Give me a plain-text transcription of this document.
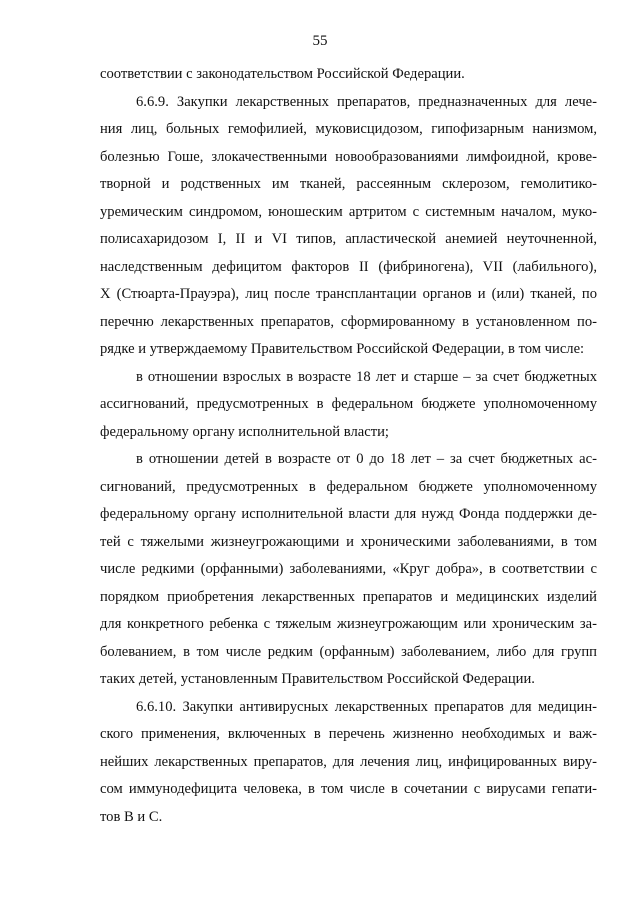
55
соответствии с законодательством Российской Федерации.
6.6.9. Закупки лекарственных препаратов, предназначенных для лече-
ния лиц, больных гемофилией, муковисцидозом, гипофизарным нанизмом,
болезнью Гоше, злокачественными новообразованиями лимфоидной, крове-
творной и родственных им тканей, рассеянным склерозом, гемолитико-
уремическим синдромом, юношеским артритом с системным началом, муко-
полисахаридозом I, II и VI типов, апластической анемией неуточненной,
наследственным дефицитом факторов II (фибриногена), VII (лабильного),
X (Стюарта-Прауэра), лиц после трансплантации органов и (или) тканей, по
перечню лекарственных препаратов, сформированному в установленном по-
рядке и утверждаемому Правительством Российской Федерации, в том числе:
в отношении взрослых в возрасте 18 лет и старше – за счет бюджетных
ассигнований, предусмотренных в федеральном бюджете уполномоченному
федеральному органу исполнительной власти;
в отношении детей в возрасте от 0 до 18 лет – за счет бюджетных ас-
сигнований, предусмотренных в федеральном бюджете уполномоченному
федеральному органу исполнительной власти для нужд Фонда поддержки де-
тей с тяжелыми жизнеугрожающими и хроническими заболеваниями, в том
числе редкими (орфанными) заболеваниями, «Круг добра», в соответствии с
порядком приобретения лекарственных препаратов и медицинских изделий
для конкретного ребенка с тяжелым жизнеугрожающим или хроническим за-
болеванием, в том числе редким (орфанным) заболеванием, либо для групп
таких детей, установленным Правительством Российской Федерации.
6.6.10. Закупки антивирусных лекарственных препаратов для медицин-
ского применения, включенных в перечень жизненно необходимых и важ-
нейших лекарственных препаратов, для лечения лиц, инфицированных виру-
сом иммунодефицита человека, в том числе в сочетании с вирусами гепати-
тов В и С.
